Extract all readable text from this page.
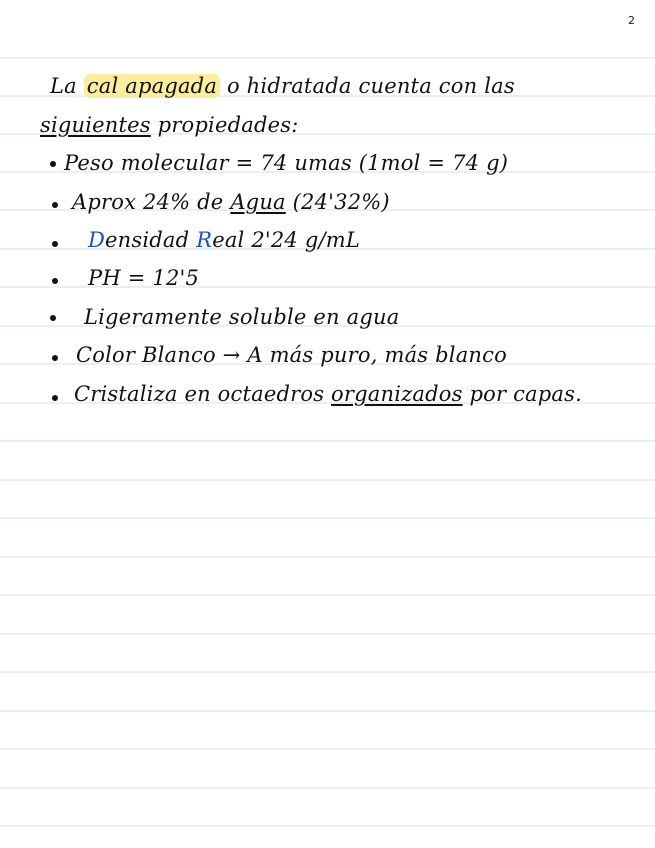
2
La cal apagada o hidratada cuenta con las
siguientes propiedades:
Peso molecular = 74 umas (1mol = 74 g)
Aprox 24% de Agua (24'32%)
Densidad Real 2'24 g/mL
PH = 12'5
Ligeramente soluble en agua
Color Blanco → A más puro, más blanco
Cristaliza en octaedros organizados por capas.
